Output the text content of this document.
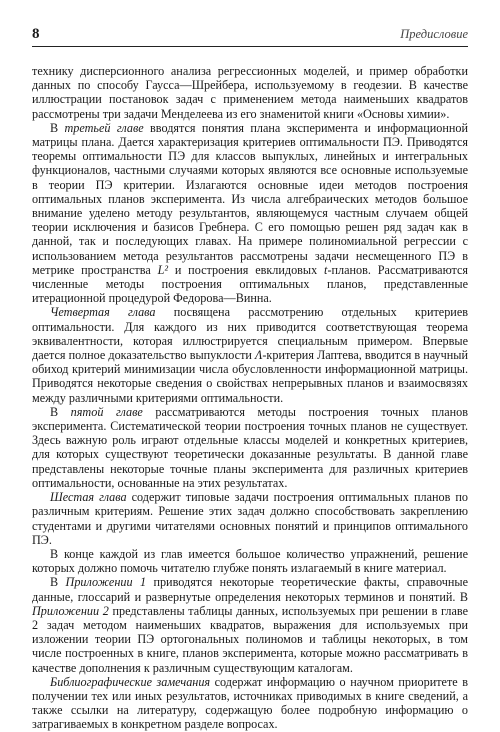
8	Предисловие

технику дисперсионного анализа регрессионных моделей, и пример обработки данных по способу Гаусса—Шрейбера, используемому в геодезии. В качестве иллюстрации постановок задач с применением метода наименьших квадратов рассмотрены три задачи Менделеева из его знаменитой книги «Основы химии».

В третьей главе вводятся понятия плана эксперимента и информационной матрицы плана. Дается характеризация критериев оптимальности ПЭ. Приводятся теоремы оптимальности ПЭ для классов выпуклых, линейных и интегральных функционалов, частными случаями которых являются все основные используемые в теории ПЭ критерии. Излагаются основные идеи методов построения оптимальных планов эксперимента. Из числа алгебраических методов большое внимание уделено методу результантов, являющемуся частным случаем общей теории исключения и базисов Гребнера. С его помощью решен ряд задач как в данной, так и последующих главах. На примере полиномиальной регрессии с использованием метода результантов рассмотрены задачи несмещенного ПЭ в метрике пространства L² и построения евклидовых t-планов. Рассматриваются численные методы построения оптимальных планов, представленные итерационной процедурой Федорова—Винна.

Четвертая глава посвящена рассмотрению отдельных критериев оптимальности. Для каждого из них приводится соответствующая теорема эквивалентности, которая иллюстрируется специальным примером. Впервые дается полное доказательство выпуклости Λ-критерия Лаптева, вводится в научный обиход критерий минимизации числа обусловленности информационной матрицы. Приводятся некоторые сведения о свойствах непрерывных планов и взаимосвязях между различными критериями оптимальности.

В пятой главе рассматриваются методы построения точных планов эксперимента. Систематической теории построения точных планов не существует. Здесь важную роль играют отдельные классы моделей и конкретных критериев, для которых существуют теоретически доказанные результаты. В данной главе представлены некоторые точные планы эксперимента для различных критериев оптимальности, основанные на этих результатах.

Шестая глава содержит типовые задачи построения оптимальных планов по различным критериям. Решение этих задач должно способствовать закреплению студентами и другими читателями основных понятий и принципов оптимального ПЭ.

В конце каждой из глав имеется большое количество упражнений, решение которых должно помочь читателю глубже понять излагаемый в книге материал.

В Приложении 1 приводятся некоторые теоретические факты, справочные данные, глоссарий и развернутые определения некоторых терминов и понятий. В Приложении 2 представлены таблицы данных, используемых при решении в главе 2 задач методом наименьших квадратов, выражения для используемых при изложении теории ПЭ ортогональных полиномов и таблицы некоторых, в том числе построенных в книге, планов эксперимента, которые можно рассматривать в качестве дополнения к различным существующим каталогам.

Библиографические замечания содержат информацию о научном приоритете в получении тех или иных результатов, источниках приводимых в книге сведений, а также ссылки на литературу, содержащую более подробную информацию о затрагиваемых в конкретном разделе вопросах.
